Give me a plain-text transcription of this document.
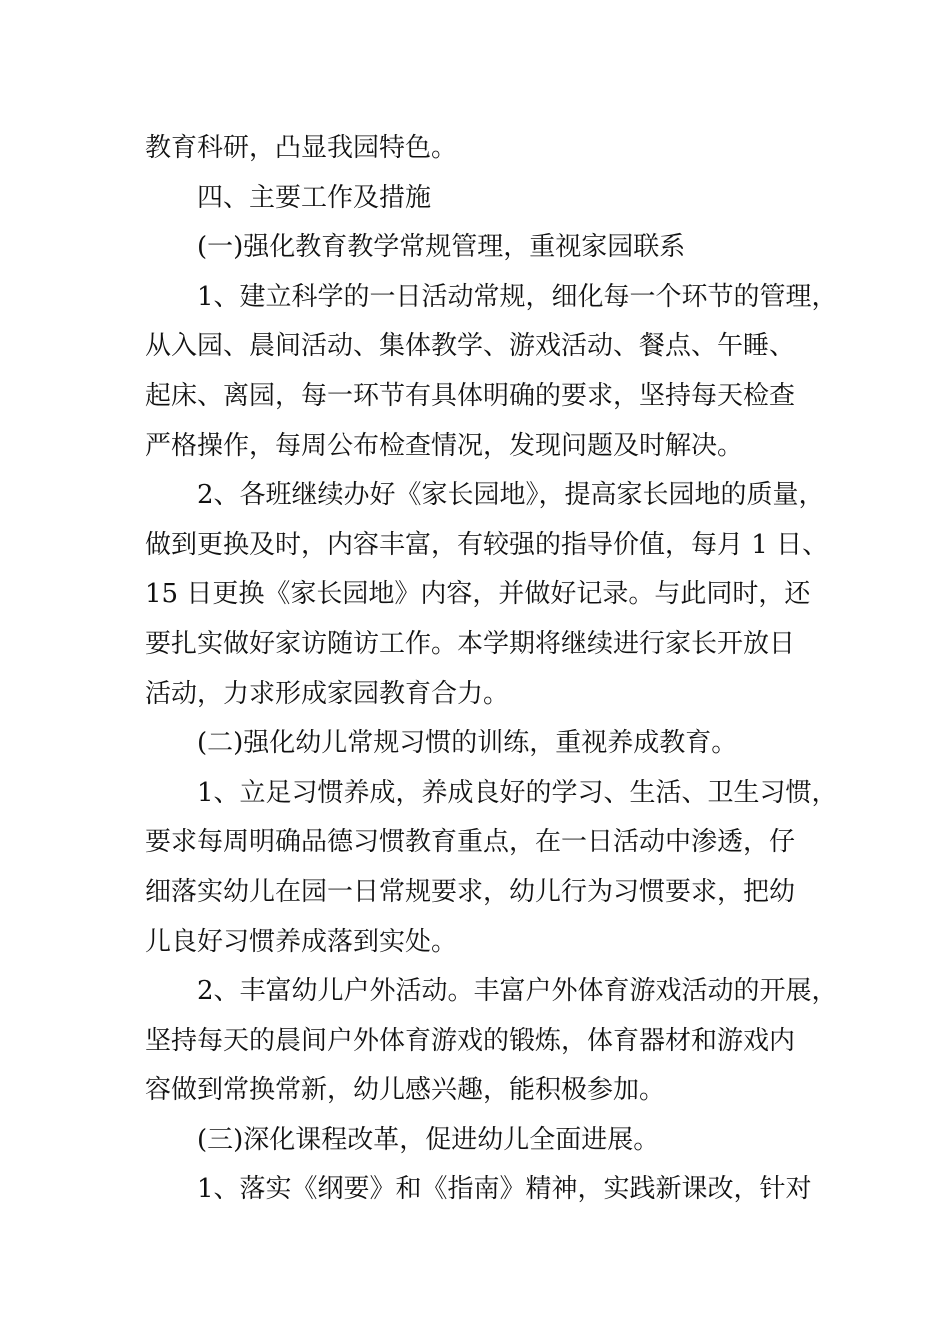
教育科研，凸显我园特色。
四、主要工作及措施
(一)强化教育教学常规管理，重视家园联系
1、建立科学的一日活动常规，细化每一个环节的管理，
从入园、晨间活动、集体教学、游戏活动、餐点、午睡、
起床、离园，每一环节有具体明确的要求，坚持每天检查
严格操作，每周公布检查情况，发现问题及时解决。
2、各班继续办好《家长园地》，提高家长园地的质量，
做到更换及时，内容丰富，有较强的指导价值，每月 1 日、
15 日更换《家长园地》内容，并做好记录。与此同时，还
要扎实做好家访随访工作。本学期将继续进行家长开放日
活动，力求形成家园教育合力。
(二)强化幼儿常规习惯的训练，重视养成教育。
1、立足习惯养成，养成良好的学习、生活、卫生习惯，
要求每周明确品德习惯教育重点，在一日活动中渗透，仔
细落实幼儿在园一日常规要求，幼儿行为习惯要求，把幼
儿良好习惯养成落到实处。
2、丰富幼儿户外活动。丰富户外体育游戏活动的开展，
坚持每天的晨间户外体育游戏的锻炼，体育器材和游戏内
容做到常换常新，幼儿感兴趣，能积极参加。
(三)深化课程改革，促进幼儿全面进展。
1、落实《纲要》和《指南》精神，实践新课改，针对
